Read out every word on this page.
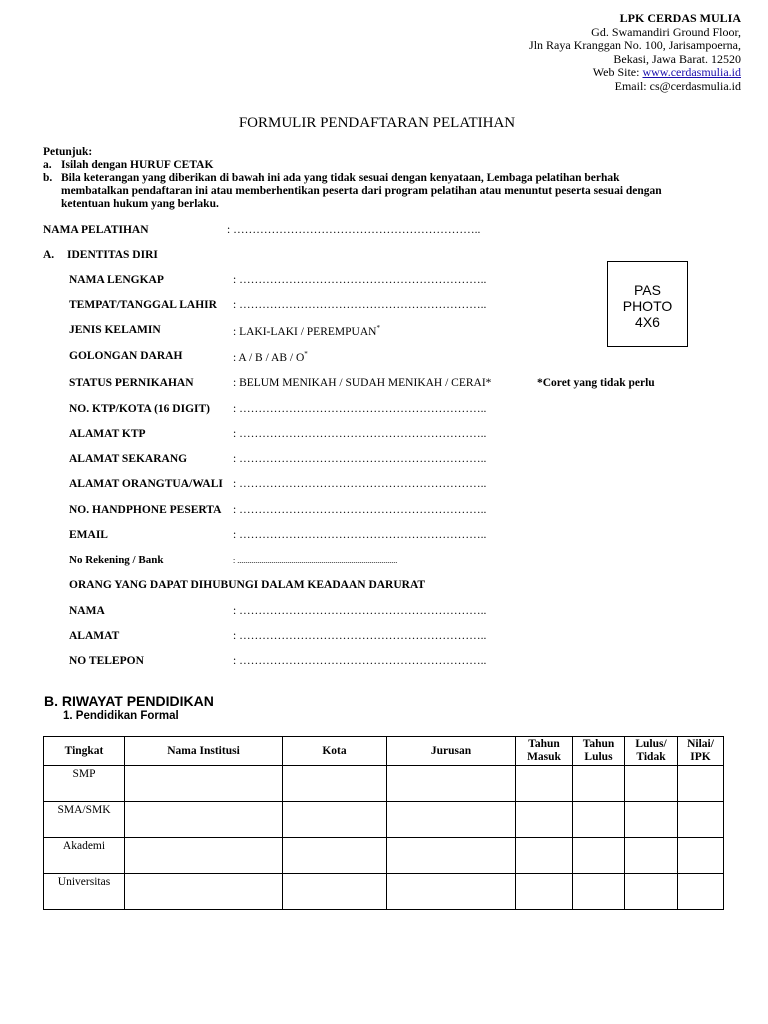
LPK CERDAS MULIA
Gd. Swamandiri Ground Floor,
Jln Raya Kranggan No. 100, Jarisampoerna,
Bekasi, Jawa Barat. 12520
Web Site: www.cerdasmulia.id
Email: cs@cerdasmulia.id
FORMULIR PENDAFTARAN PELATIHAN
Petunjuk:
a. Isilah dengan HURUF CETAK
b. Bila keterangan yang diberikan di bawah ini ada yang tidak sesuai dengan kenyataan, Lembaga pelatihan berhak
membatalkan pendaftaran ini atau memberhentikan peserta dari program pelatihan atau menuntut peserta sesuai dengan
ketentuan hukum yang berlaku.
NAMA PELATIHAN	: ………………………………………………………..
A. IDENTITAS DIRI
NAMA LENGKAP	: ………………………………………………………..
TEMPAT/TANGGAL LAHIR : ………………………………………………………..
JENIS KELAMIN	: LAKI-LAKI / PEREMPUAN*
GOLONGAN DARAH	: A / B / AB / O*
STATUS PERNIKAHAN	: BELUM MENIKAH / SUDAH MENIKAH / CERAI*
NO. KTP/KOTA (16 DIGIT) : ………………………………………………………..
ALAMAT KTP	: ………………………………………………………..
ALAMAT SEKARANG	: ………………………………………………………..
ALAMAT ORANGTUA/WALI : ………………………………………………………..
NO. HANDPHONE PESERTA : ………………………………………………………..
EMAIL	: ………………………………………………………..
No Rekening / Bank	: ................................................................................
ORANG YANG DAPAT DIHUBUNGI DALAM KEADAAN DARURAT
NAMA	: ………………………………………………………..
ALAMAT	: ………………………………………………………..
NO TELEPON	: ………………………………………………………..
PAS
PHOTO
4X6
*Coret yang tidak perlu
B. RIWAYAT PENDIDIKAN
1. Pendidikan Formal
Tingkat	Nama Institusi	Kota	Jurusan	Tahun Masuk	Tahun Lulus	Lulus/ Tidak	Nilai/ IPK
SMP							
SMA/SMK							
Akademi							
Universitas							
